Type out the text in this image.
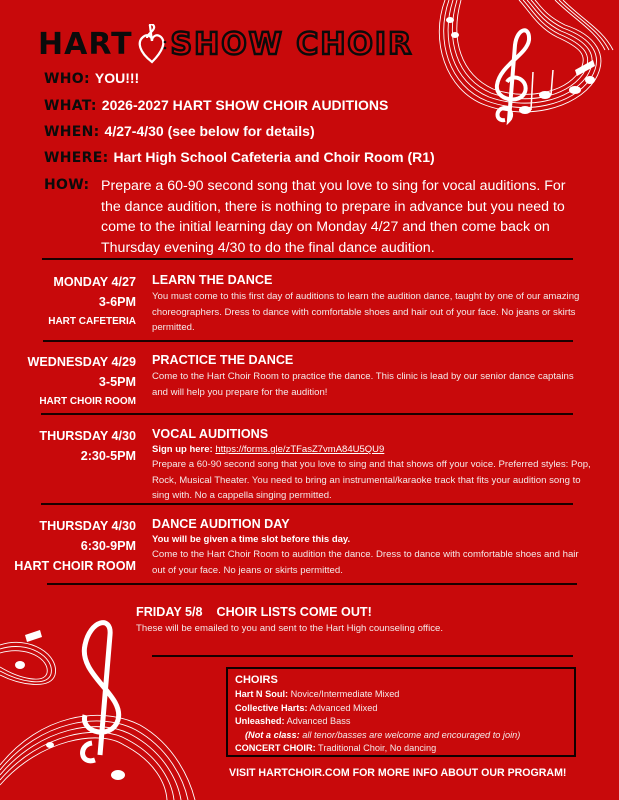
HART SHOW CHOIR
WHO: YOU!!!
WHAT: 2026-2027 HART SHOW CHOIR AUDITIONS
WHEN: 4/27-4/30 (see below for details)
WHERE: Hart High School Cafeteria and Choir Room (R1)
HOW: Prepare a 60-90 second song that you love to sing for vocal auditions. For the dance audition, there is nothing to prepare in advance but you need to come to the initial learning day on Monday 4/27 and then come back on Thursday evening 4/30 to do the final dance audition.
MONDAY 4/27
3-6PM
HART CAFETERIA
LEARN THE DANCE
You must come to this first day of auditions to learn the audition dance, taught by one of our amazing choreographers. Dress to dance with comfortable shoes and hair out of your face. No jeans or skirts permitted.
WEDNESDAY 4/29
3-5PM
HART CHOIR ROOM
PRACTICE THE DANCE
Come to the Hart Choir Room to practice the dance. This clinic is lead by our senior dance captains and will help you prepare for the audition!
THURSDAY 4/30
2:30-5PM
VOCAL AUDITIONS
Sign up here: https://forms.gle/zTFasZ7vmA84U5QU9
Prepare a 60-90 second song that you love to sing and that shows off your voice. Preferred styles: Pop, Rock, Musical Theater. You need to bring an instrumental/karaoke track that fits your audition song to sing with. No a cappella singing permitted.
THURSDAY 4/30
6:30-9PM
HART CHOIR ROOM
DANCE AUDITION DAY
You will be given a time slot before this day.
Come to the Hart Choir Room to audition the dance. Dress to dance with comfortable shoes and hair out of your face. No jeans or skirts permitted.
FRIDAY 5/8    CHOIR LISTS COME OUT!
These will be emailed to you and sent to the Hart High counseling office.
CHOIRS
Hart N Soul: Novice/Intermediate Mixed
Collective Harts: Advanced Mixed
Unleashed: Advanced Bass
(Not a class: all tenor/basses are welcome and encouraged to join)
CONCERT CHOIR: Traditional Choir, No dancing
VISIT HARTCHOIR.COM FOR MORE INFO ABOUT OUR PROGRAM!
